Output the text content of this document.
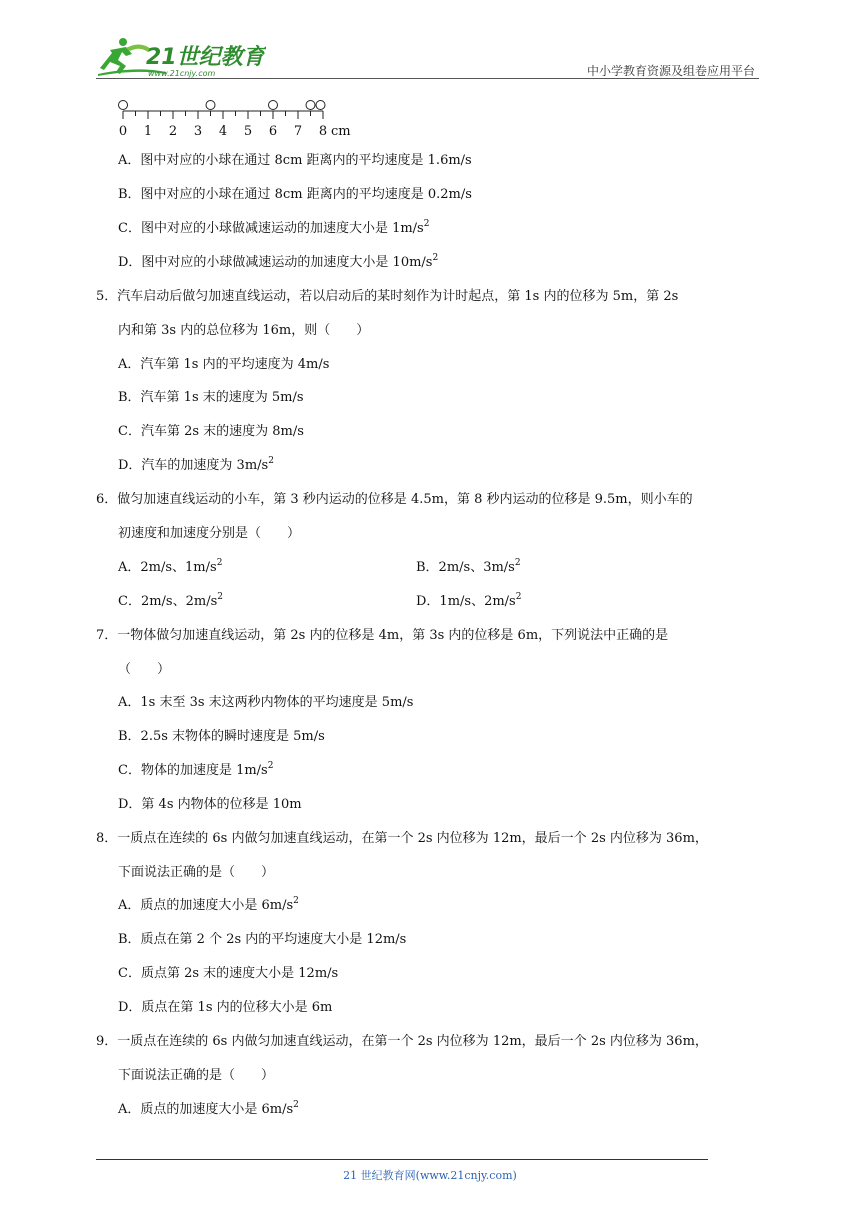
21世纪教育
www.21cnjy.com	中小学教育资源及组卷应用平台
0 1 2 3 4 5 6 7 8 cm
A．图中对应的小球在通过 8cm 距离内的平均速度是 1.6m/s
B．图中对应的小球在通过 8cm 距离内的平均速度是 0.2m/s
C．图中对应的小球做减速运动的加速度大小是 $1m/s^2$
D．图中对应的小球做减速运动的加速度大小是 $10m/s^2$
5．汽车启动后做匀加速直线运动，若以启动后的某时刻作为计时起点，第 1s 内的位移为 5m，第 2s
内和第 3s 内的总位移为 16m，则（　　）
A．汽车第 1s 内的平均速度为 4m/s
B．汽车第 1s 末的速度为 5m/s
C．汽车第 2s 末的速度为 8m/s
D．汽车的加速度为 $3m/s^2$
6．做匀加速直线运动的小车，第 3 秒内运动的位移是 4.5m，第 8 秒内运动的位移是 9.5m，则小车的
初速度和加速度分别是（　　）
A．2m/s、$1m/s^2$	B．2m/s、$3m/s^2$
C．2m/s、$2m/s^2$	D．1m/s、$2m/s^2$
7．一物体做匀加速直线运动，第 2s 内的位移是 4m，第 3s 内的位移是 6m，下列说法中正确的是
（　　）
A．1s 末至 3s 末这两秒内物体的平均速度是 5m/s
B．2.5s 末物体的瞬时速度是 5m/s
C．物体的加速度是 $1m/s^2$
D．第 4s 内物体的位移是 10m
8．一质点在连续的 6s 内做匀加速直线运动，在第一个 2s 内位移为 12m，最后一个 2s 内位移为 36m，
下面说法正确的是（　　）
A．质点的加速度大小是 $6m/s^2$
B．质点在第 2 个 2s 内的平均速度大小是 12m/s
C．质点第 2s 末的速度大小是 12m/s
D．质点在第 1s 内的位移大小是 6m
9．一质点在连续的 6s 内做匀加速直线运动，在第一个 2s 内位移为 12m，最后一个 2s 内位移为 36m，
下面说法正确的是（　　）
A．质点的加速度大小是 $6m/s^2$
21 世纪教育网(www.21cnjy.com)
